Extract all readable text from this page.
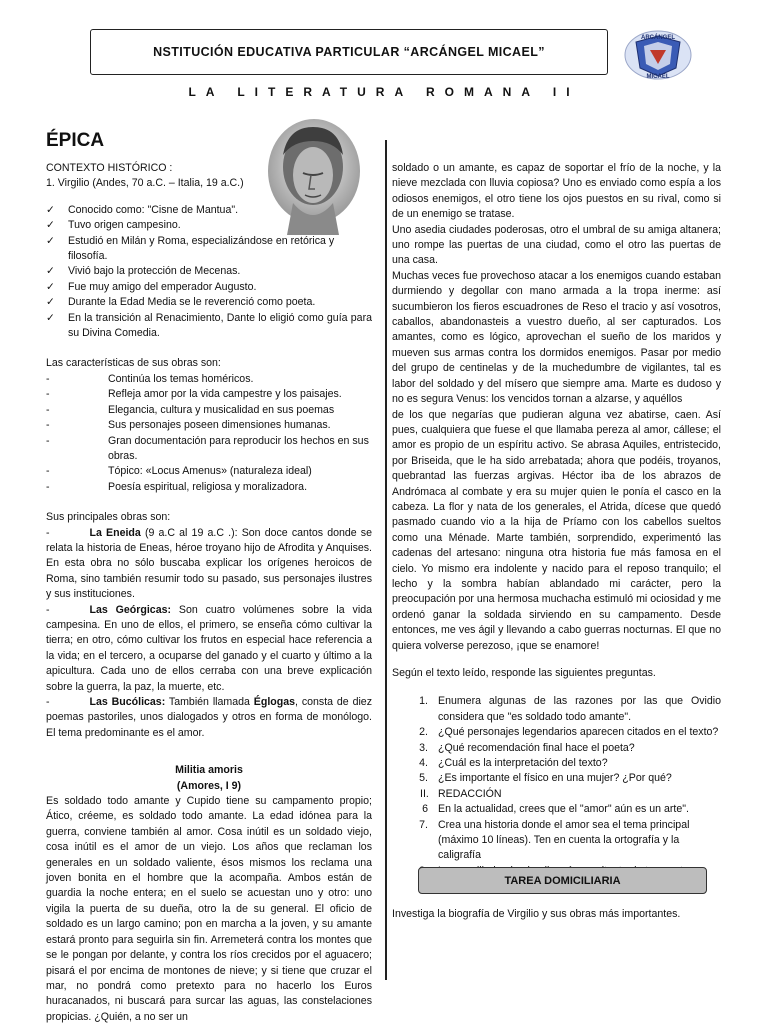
NSTITUCIÓN EDUCATIVA PARTICULAR “ARCÁNGEL MICAEL”
ARCÁNGEL
MICAEL
LA LITERATURA ROMANA II
ÉPICA

CONTEXTO HISTÓRICO :

1. Virgilio (Andes, 70 a.C. – Italia, 19 a.C.)

✓	Conocido como: "Cisne de Mantua".
✓	Tuvo origen campesino.
✓	Estudió en Milán y Roma, especializándose en retórica y filosofía.
✓	Vivió bajo la protección de Mecenas.
✓	Fue muy amigo del emperador Augusto.
✓	Durante la Edad Media se le reverenció como poeta.
✓	En la transición al Renacimiento, Dante lo eligió como guía para su Divina Comedia.

Las características de sus obras son:

-	Continúa los temas homéricos.
-	Refleja amor por la vida campestre y los paisajes.
-	Elegancia, cultura y musicalidad en sus poemas
-	Sus personajes poseen dimensiones humanas.
-	Gran documentación para reproducir los hechos en sus obras.
-	Tópico: «Locus Amenus» (naturaleza ideal)
-	Poesía espiritual, religiosa y moralizadora.

Sus principales obras son:

-	La Eneida (9 a.C al 19 a.C .): Son doce cantos donde se relata la historia de Eneas, héroe troyano hijo de Afrodita y Anquises. En esta obra no sólo buscaba explicar los orígenes heroicos de Roma, sino también resumir todo su pasado, sus personajes ilustres y sus instituciones.

-	Las Geórgicas: Son cuatro volúmenes sobre la vida campesina. En uno de ellos, el primero, se enseña cómo cultivar la tierra; en otro, cómo cultivar los frutos en especial hace referencia a la vida; en el tercero, a ocuparse del ganado y el cuarto y último a la apicultura. Cada uno de ellos cerraba con una breve explicación sobre la guerra, la paz, la muerte, etc.

-	Las Bucólicas: También llamada Églogas, consta de diez poemas pastoriles, unos dialogados y otros en forma de monólogo. El tema predominante es el amor.

Militia amoris

(Amores, I 9)

Es soldado todo amante y Cupido tiene su campamento propio; Ático, créeme, es soldado todo amante. La edad idónea para la guerra, conviene también al amor. Cosa inútil es un soldado viejo, cosa inútil es el amor de un viejo. Los años que reclaman los generales en un soldado valiente, ésos mismos los reclama una joven bonita en el hombre que la acompaña. Ambos están de guardia la noche entera; en el suelo se acuestan uno y otro: uno vigila la puerta de su dueña, otro la de su general. El oficio de soldado es un largo camino; pon en marcha a la joven, y su amante estará pronto para seguirla sin fin. Arremeterá contra los montes que se le pongan por delante, y contra los ríos crecidos por el aguacero; pisará el por encima de montones de nieve; y si tiene que cruzar el mar, no pondrá como pretexto para no hacerlo los Euros huracanados, ni buscará para surcar las aguas, las constelaciones propicias. ¿Quién, a no ser un

soldado o un amante, es capaz de soportar el frío de la noche, y la nieve mezclada con lluvia copiosa? Uno es enviado como espía a los odiosos enemigos, el otro tiene los ojos puestos en su rival, como si de un enemigo se tratase.

Uno asedia ciudades poderosas, otro el umbral de su amiga altanera; uno rompe las puertas de una ciudad, como el otro las puertas de una casa.

Muchas veces fue provechoso atacar a los enemigos cuando estaban durmiendo y degollar con mano armada a la tropa inerme: así sucumbieron los fieros escuadrones de Reso el tracio y así vosotros, caballos, abandonasteis a vuestro dueño, al ser capturados. Los amantes, como es lógico, aprovechan el sueño de los maridos y mueven sus armas contra los dormidos enemigos. Pasar por medio del grupo de centinelas y de la muchedumbre de vigilantes, tal es labor del soldado y del mísero que siempre ama. Marte es dudoso y no es segura Venus: los vencidos tornan a alzarse, y aquéllos

de los que negarías que pudieran alguna vez abatirse, caen. Así pues, cualquiera que fuese el que llamaba pereza al amor, cállese; el amor es propio de un espíritu activo. Se abrasa Aquiles, entristecido, por Briseida, que le ha sido arrebatada; ahora que podéis, troyanos, quebrantad las fuerzas argivas. Héctor iba de los abrazos de Andrómaca al combate y era su mujer quien le ponía el casco en la cabeza. La flor y nata de los generales, el Atrida, dícese que quedó pasmado cuando vio a la hija de Príamo con los cabellos sueltos como una Ménade. Marte también, sorprendido, experimentó las cadenas del artesano: ninguna otra historia fue más famosa en el cielo. Yo mismo era indolente y nacido para el reposo tranquilo; el lecho y la sombra habían ablandado mi carácter, pero la preocupación por una hermosa muchacha estimuló mi ociosidad y me ordenó ganar la soldada sirviendo en su campamento. Desde entonces, me ves ágil y llevando a cabo guerras nocturnas. El que no quiera volverse perezoso, ¡que se enamore!

Según el texto leído, responde las siguientes preguntas.

1. Enumera algunas de las razones por las que Ovidio considera que "es soldado todo amante".
2. ¿Qué personajes legendarios aparecen citados en el texto?
3. ¿Qué recomendación final hace el poeta?
4. ¿Cuál es la interpretación del texto?
5. ¿Es importante el físico en una mujer? ¿Por qué?
II. REDACCIÓN
6 En la actualidad, crees que el "amor" aún es un arte".
7. Crea una historia donde el amor sea el tema principal (máximo 10 líneas). Ten en cuenta la ortografía y la caligrafía
TAREA DOMICILIARIA
Investiga la biografía de Virgilio y sus obras más importantes.
